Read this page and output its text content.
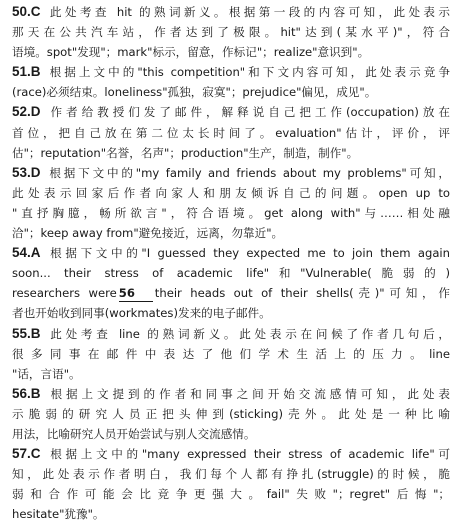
50.C 此处考查 hit 的熟词新义。根据第一段的内容可知，此处表示
那天在公共汽车站，作者达到了极限。hit"达到(某水平)"，符合
语境。spot"发现"；mark"标示，留意，作标记"；realize"意识到"。
51.B 根据上文中的"this competition"和下文内容可知，此处表示竞争
(race)必须结束。loneliness"孤独，寂寞"；prejudice"偏见，成见"。
52.D 作者给教授们发了邮件，解释说自己把工作(occupation)放在
首位，把自己放在第二位太长时间了。evaluation"估计，评价，评
估"；reputation"名誉，名声"；production"生产，制造，制作"。
53.D 根据下文中的"my family and friends about my problems"可知，
此处表示回家后作者向家人和朋友倾诉自己的问题。open up to
"直抒胸臆，畅所欲言"，符合语境。get along with"与……相处融
洽"；keep away from"避免接近，远离，勿靠近"。
54.A 根据下文中的"I guessed they expected me to join them again
soon... their stress of academic life"和"Vulnerable(脆弱的)
researchers were 56 their heads out of their shells(壳)"可知，作
者也开始收到同事(workmates)发来的电子邮件。
55.B 此处考查 line 的熟词新义。此处表示在问候了作者几句后，
很多同事在邮件中表达了他们学术生活上的压力。line
"话，言语"。
56.B 根据上文提到的作者和同事之间开始交流感情可知，此处表
示脆弱的研究人员正把头伸到(sticking)壳外。此处是一种比喻
用法，比喻研究人员开始尝试与别人交流感情。
57.C 根据上文中的"many expressed their stress of academic life"可
知，此处表示作者明白，我们每个人都有挣扎(struggle)的时候，脆
弱和合作可能会比竞争更强大。fail"失败"；regret"后悔"；
hesitate"犹豫"。
